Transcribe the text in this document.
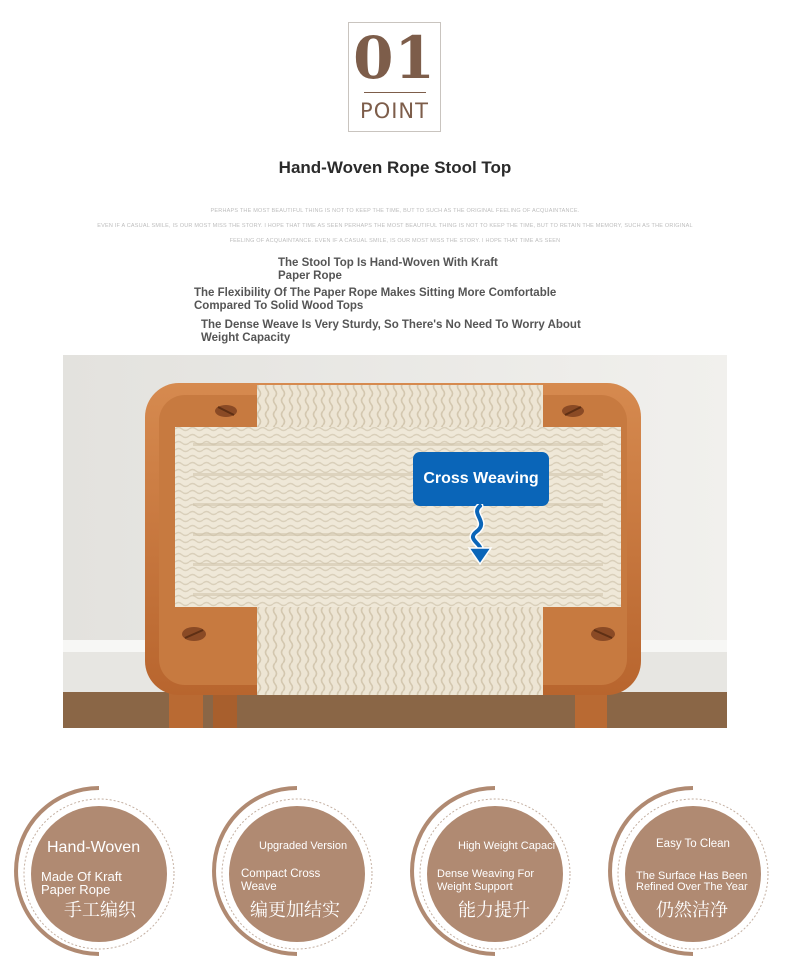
01
POINT
Hand-Woven Rope Stool Top
PERHAPS THE MOST BEAUTIFUL THING IS NOT TO KEEP THE TIME, BUT TO SUCH AS THE ORIGINAL FEELING OF ACQUAINTANCE.
EVEN IF A CASUAL SMILE, IS OUR MOST MISS THE STORY. I HOPE THAT TIME AS SEEN PERHAPS THE MOST BEAUTIFUL THING IS NOT TO KEEP THE TIME, BUT TO RETAIN THE MEMORY, SUCH AS THE ORIGINAL
FEELING OF ACQUAINTANCE. EVEN IF A CASUAL SMILE, IS OUR MOST MISS THE STORY. I HOPE THAT TIME AS SEEN
The Stool Top Is Hand-Woven With Kraft
Paper Rope
The Flexibility Of The Paper Rope Makes Sitting More Comfortable
Compared To Solid Wood Tops
The Dense Weave Is Very Sturdy, So There's No Need To Worry About
Weight Capacity
Cross Weaving
Hand-Woven
Made Of Kraft
Paper Rope
手工编织
Upgraded Version
Compact Cross
Weave
编更加结实
High Weight Capaci
Dense Weaving For
Weight Support
能力提升
Easy To Clean
The Surface Has Been
Refined Over The Year
仍然洁净
